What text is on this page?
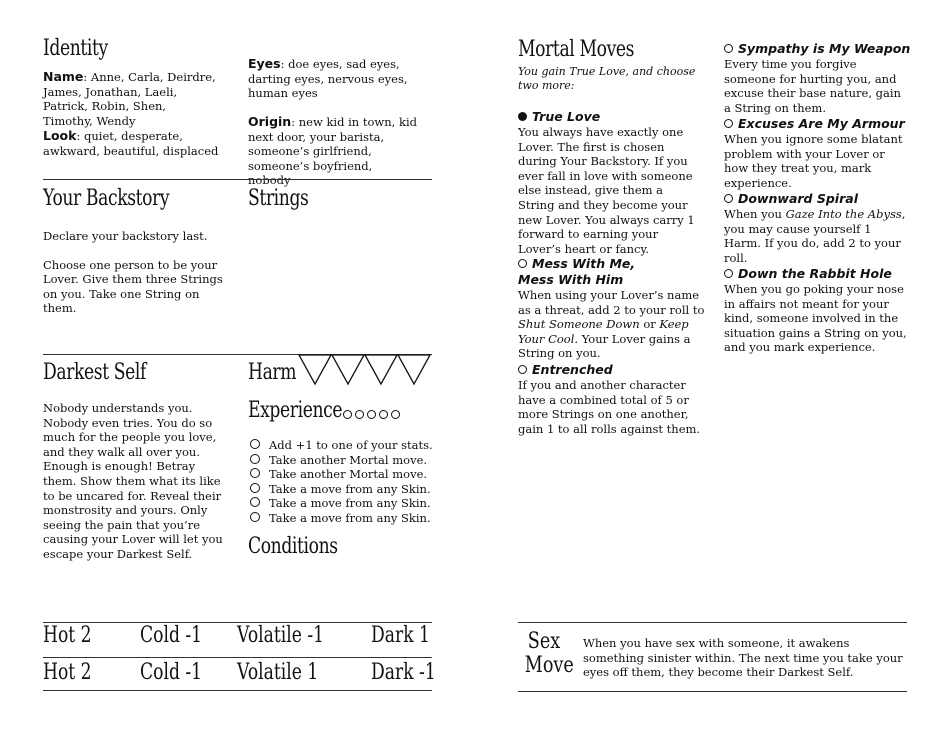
Identity
Name: Anne, Carla, Deirdre, James, Jonathan, Laeli, Patrick, Robin, Shen, Timothy, Wendy
Look: quiet, desperate, awkward, beautiful, displaced
Eyes: doe eyes, sad eyes, darting eyes, nervous eyes, human eyes
Origin: new kid in town, kid next door, your barista, someone’s girlfriend, someone’s boyfriend, nobody
Your Backstory	Strings
Declare your backstory last.
Choose one person to be your Lover. Give them three Strings on you. Take one String on them.
Darkest Self
Nobody understands you. Nobody even tries. You do so much for the people you love, and they walk all over you. Enough is enough! Betray them. Show them what its like to be uncared for. Reveal their monstrosity and yours. Only seeing the pain that you’re causing your Lover will let you escape your Darkest Self.
Harm
Experience
Add +1 to one of your stats.
Take another Mortal move.
Take another Mortal move.
Take a move from any Skin.
Take a move from any Skin.
Take a move from any Skin.
Conditions
Hot 2 Cold -1 Volatile -1 Dark 1
Hot 2 Cold -1 Volatile 1 Dark -1
Mortal Moves
You gain True Love, and choose two more:
True Love
You always have exactly one Lover. The first is chosen during Your Backstory. If you ever fall in love with someone else instead, give them a String and they become your new Lover. You always carry 1 forward to earning your Lover’s heart or fancy.
Mess With Me,
Mess With Him
When using your Lover’s name as a threat, add 2 to your roll to Shut Someone Down or Keep Your Cool. Your Lover gains a String on you.
Entrenched
If you and another character have a combined total of 5 or more Strings on one another, gain 1 to all rolls against them.
Sympathy is My Weapon
Every time you forgive someone for hurting you, and excuse their base nature, gain a String on them.
Excuses Are My Armour
When you ignore some blatant problem with your Lover or how they treat you, mark experience.
Downward Spiral
When you Gaze Into the Abyss, you may cause yourself 1 Harm. If you do, add 2 to your roll.
Down the Rabbit Hole
When you go poking your nose in affairs not meant for your kind, someone involved in the situation gains a String on you, and you mark experience.
Sex
Move
When you have sex with someone, it awakens something sinister within. The next time you take your eyes off them, they become their Darkest Self.
